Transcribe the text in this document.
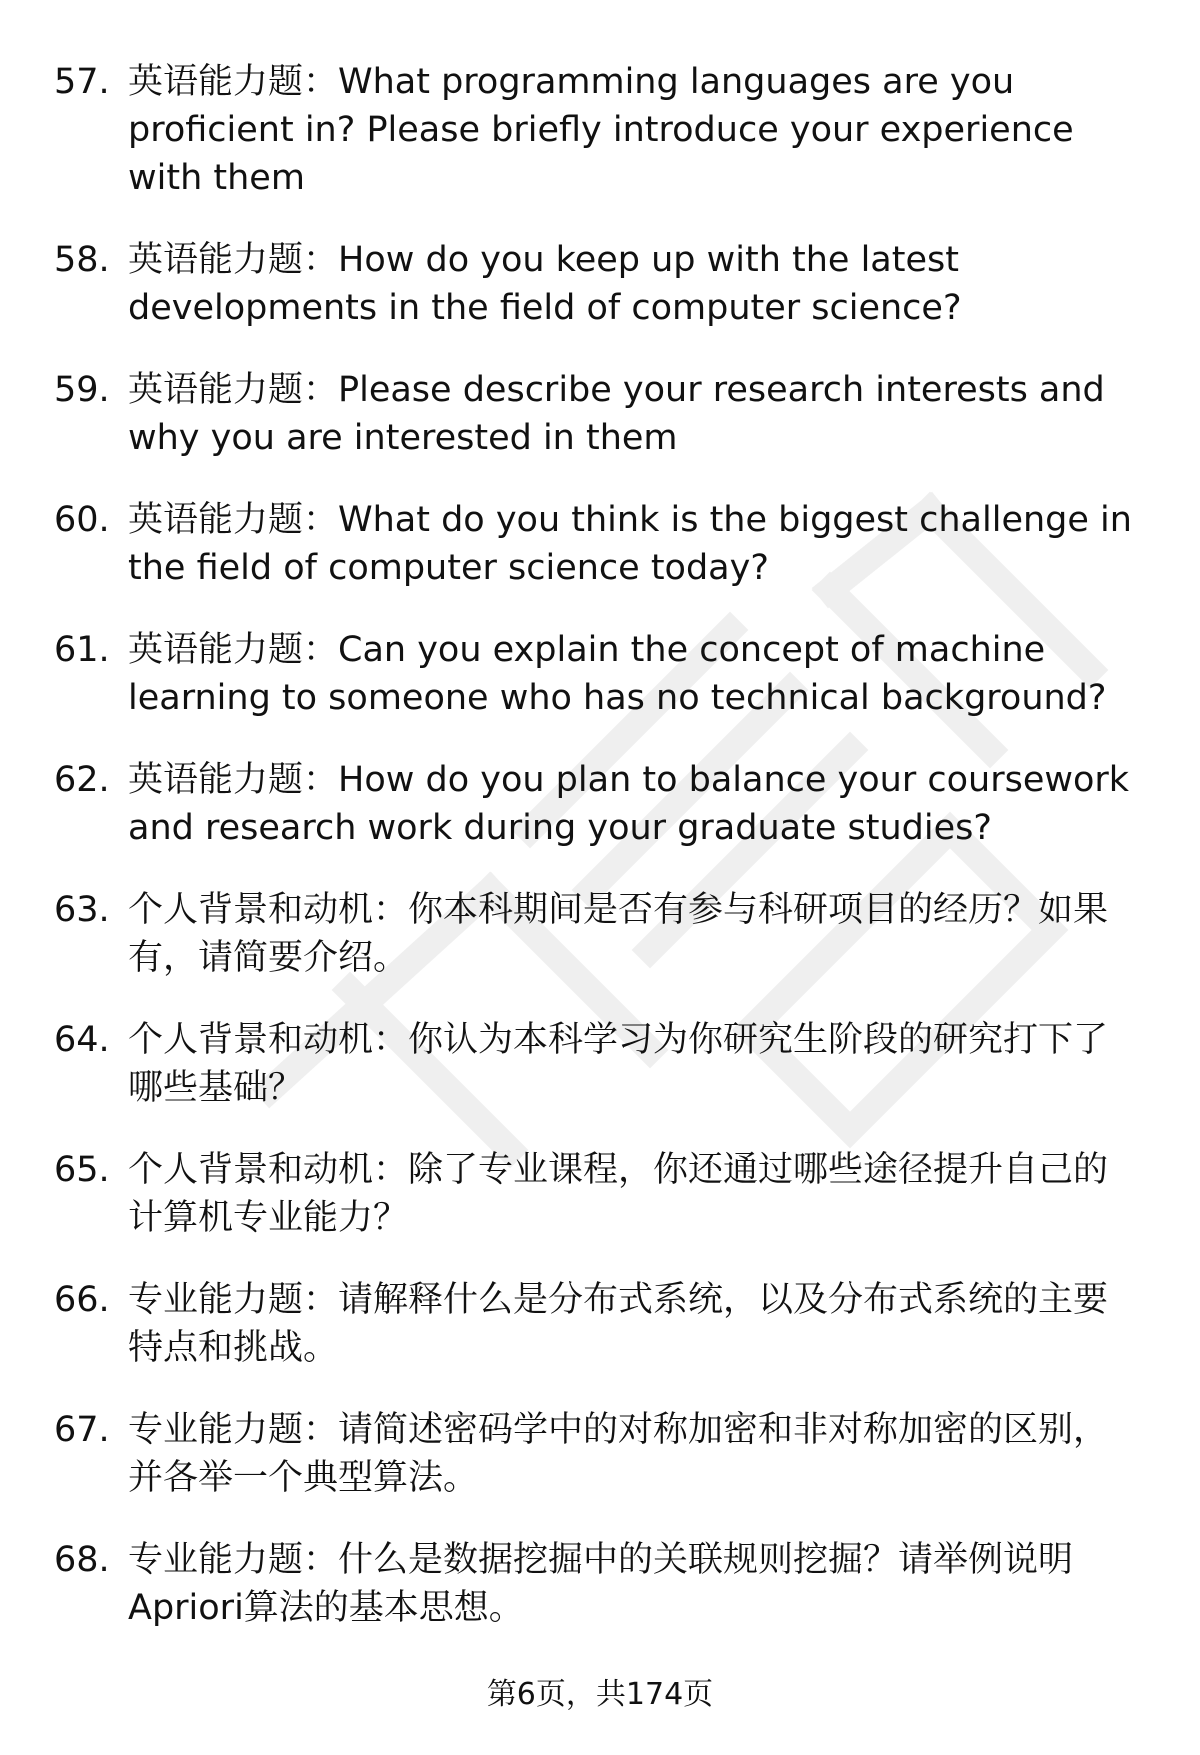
57. 英语能力题：What programming languages are you proficient in? Please briefly introduce your experience with them
58. 英语能力题：How do you keep up with the latest developments in the field of computer science?
59. 英语能力题：Please describe your research interests and why you are interested in them
60. 英语能力题：What do you think is the biggest challenge in the field of computer science today?
61. 英语能力题：Can you explain the concept of machine learning to someone who has no technical background?
62. 英语能力题：How do you plan to balance your coursework and research work during your graduate studies?
63. 个人背景和动机：你本科期间是否有参与科研项目的经历？如果有，请简要介绍。
64. 个人背景和动机：你认为本科学习为你研究生阶段的研究打下了哪些基础？
65. 个人背景和动机：除了专业课程，你还通过哪些途径提升自己的计算机专业能力？
66. 专业能力题：请解释什么是分布式系统，以及分布式系统的主要特点和挑战。
67. 专业能力题：请简述密码学中的对称加密和非对称加密的区别，并各举一个典型算法。
68. 专业能力题：什么是数据挖掘中的关联规则挖掘？请举例说明Apriori算法的基本思想。
第6页，共174页
